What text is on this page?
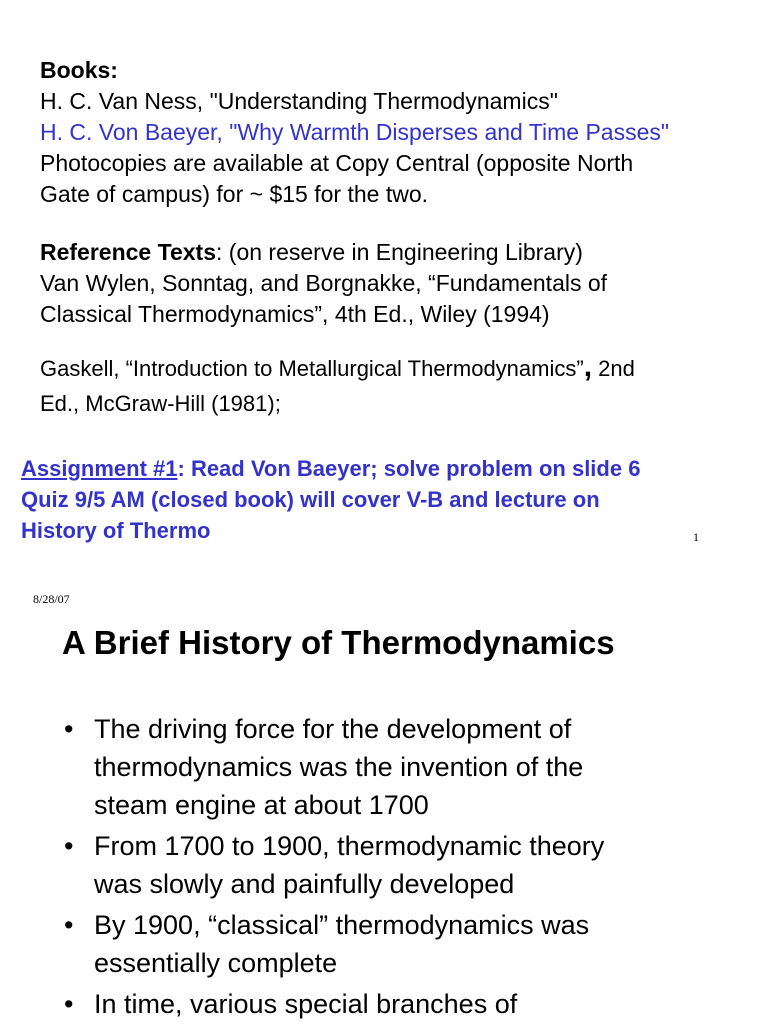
Books:
H. C. Van Ness, "Understanding Thermodynamics"
H. C. Von Baeyer, "Why Warmth Disperses and Time Passes"
Photocopies are available at Copy Central (opposite North
Gate of campus) for ~ $15 for the two.
Reference Texts: (on reserve in Engineering Library)
Van Wylen, Sonntag, and Borgnakke, “Fundamentals of
Classical Thermodynamics”, 4th Ed., Wiley (1994)
Gaskell, “Introduction to Metallurgical Thermodynamics”, 2nd
Ed., McGraw-Hill (1981);
Assignment #1: Read Von Baeyer; solve problem on slide 6
Quiz 9/5 AM (closed book) will cover V-B and lecture on
History of Thermo	1
8/28/07
A Brief History of Thermodynamics
• The driving force for the development of
thermodynamics was the invention of the
steam engine at about 1700
• From 1700 to 1900, thermodynamic theory
was slowly and painfully developed
• By 1900, “classical” thermodynamics was
essentially complete
• In time, various special branches of
